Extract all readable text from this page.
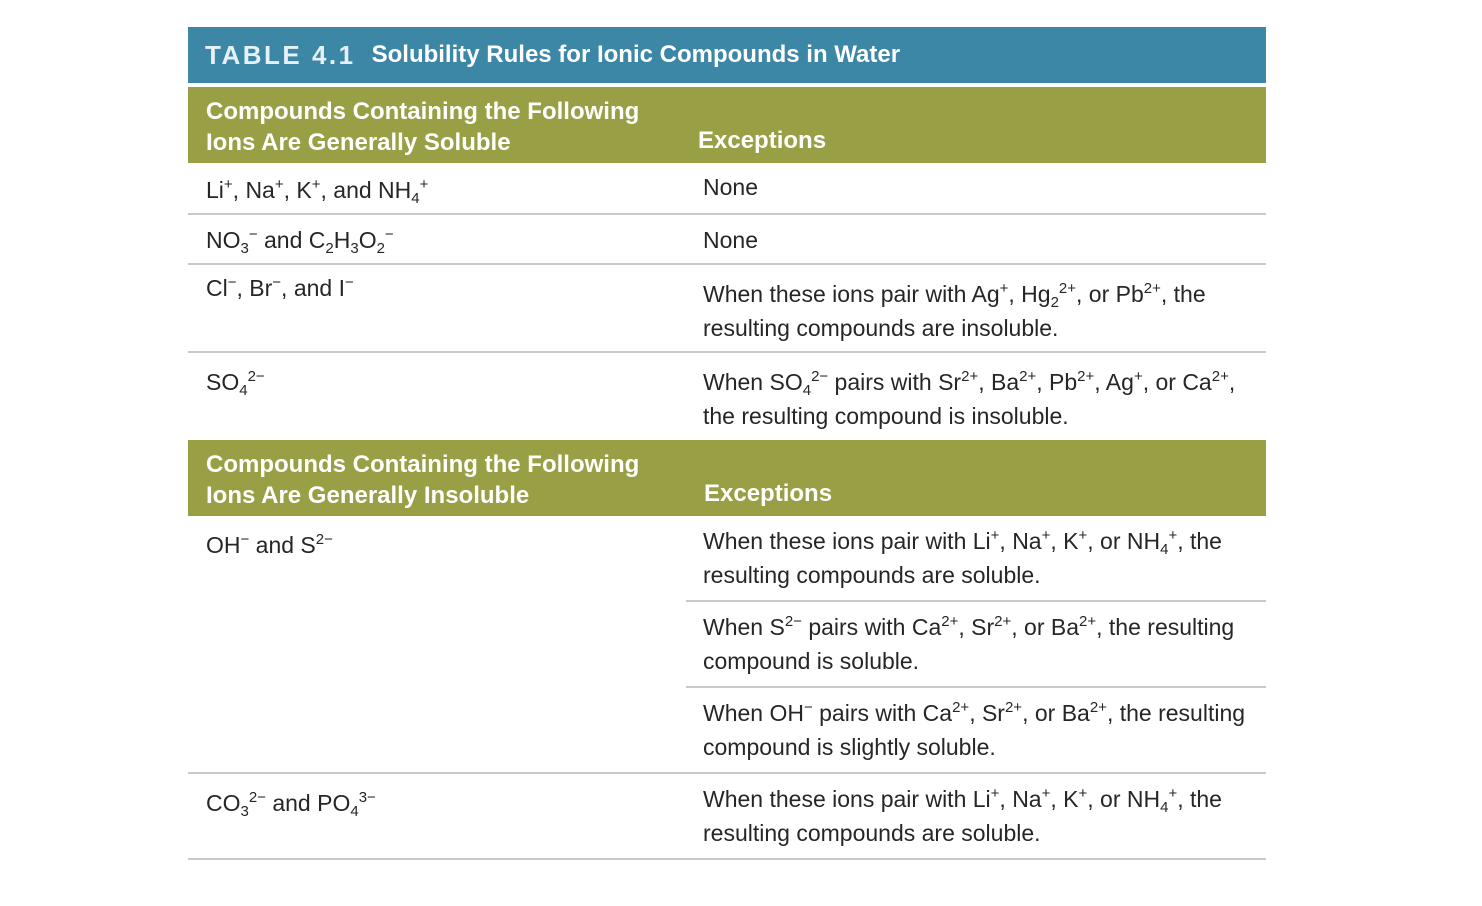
TABLE 4.1 Solubility Rules for Ionic Compounds in Water
Compounds Containing the Following
Ions Are Generally Soluble	Exceptions
Li+, Na+, K+, and $NH_4^+$	None
$NO_3^-$ and $C_2H_3O_2^-$	None
Cl−, Br−, and I−	When these ions pair with Ag+, $Hg_2^{2+}$, or $Pb^{2+}$, the resulting compounds are insoluble.
$SO_4^{2-}$	When $SO_4^{2-}$ pairs with $Sr^{2+}$, $Ba^{2+}$, $Pb^{2+}$, Ag+, or $Ca^{2+}$, the resulting compound is insoluble.
Compounds Containing the Following
Ions Are Generally Insoluble	Exceptions
OH− and $S^{2-}$	When these ions pair with Li+, Na+, K+, or $NH_4^+$, the resulting compounds are soluble.
When $S^{2-}$ pairs with $Ca^{2+}$, $Sr^{2+}$, or $Ba^{2+}$, the resulting compound is soluble.
When OH− pairs with $Ca^{2+}$, $Sr^{2+}$, or $Ba^{2+}$, the resulting compound is slightly soluble.
$CO_3^{2-}$ and $PO_4^{3-}$	When these ions pair with Li+, Na+, K+, or $NH_4^+$, the resulting compounds are soluble.
